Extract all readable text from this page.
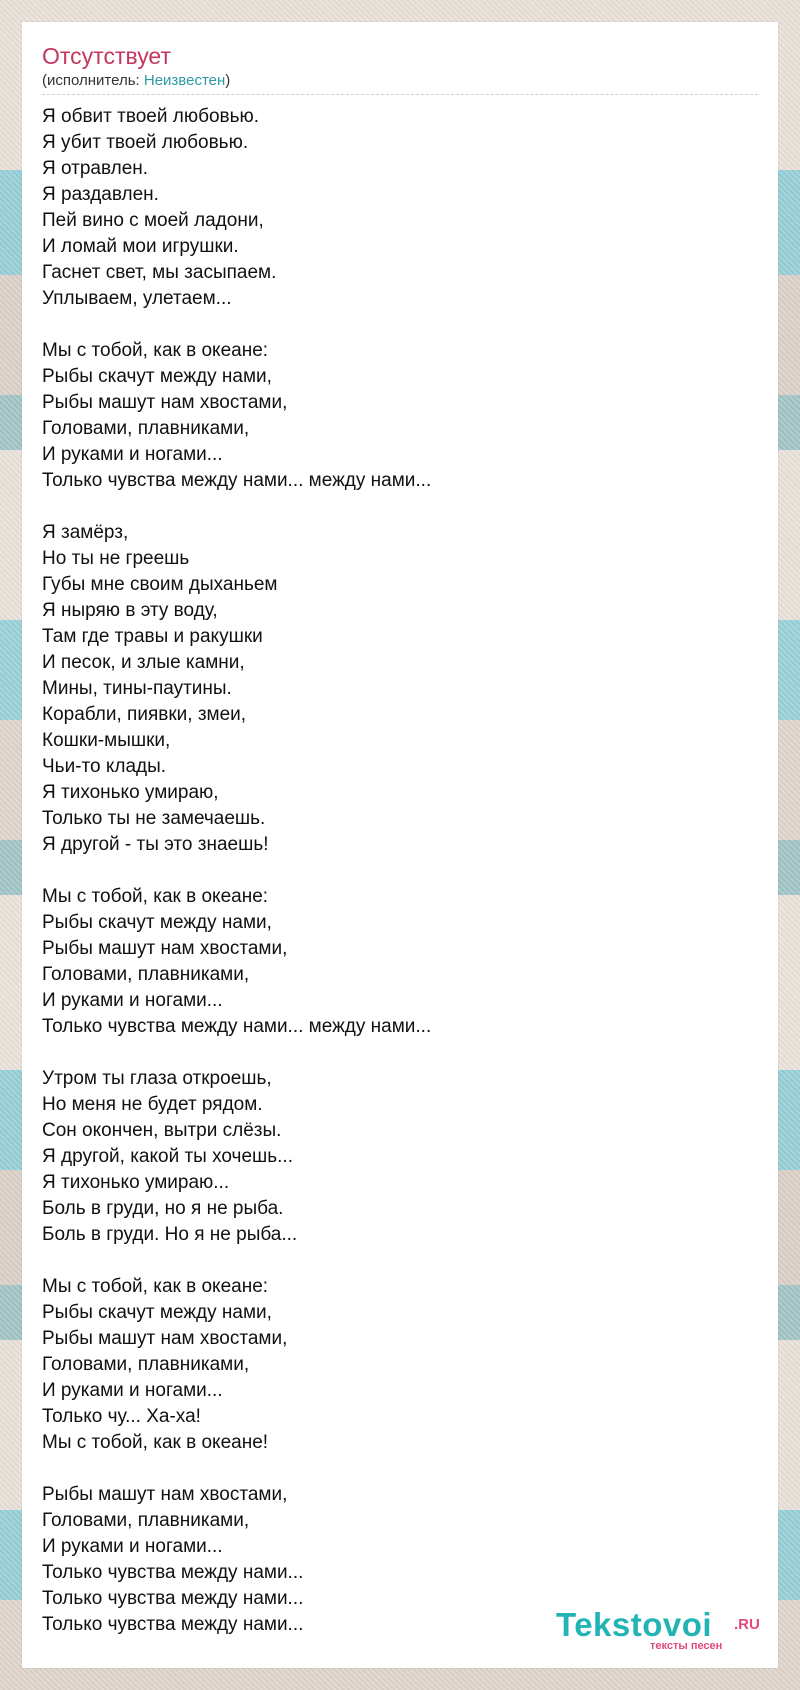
Отсутствует
(исполнитель: Неизвестен)
Я обвит твоей любовью.
Я убит твоей любовью.
Я отравлен.
Я раздавлен.
Пей вино с моей ладони,
И ломай мои игрушки.
Гаснет свет, мы засыпаем.
Уплываем, улетаем...
Мы с тобой, как в океане:
Рыбы скачут между нами,
Рыбы машут нам хвостами,
Головами, плавниками,
И руками и ногами...
Только чувства между нами... между нами...
Я замёрз,
Но ты не греешь
Губы мне своим дыханьем
Я ныряю в эту воду,
Там где травы и ракушки
И песок, и злые камни,
Мины, тины-паутины.
Корабли, пиявки, змеи,
Кошки-мышки,
Чьи-то клады.
Я тихонько умираю,
Только ты не замечаешь.
Я другой - ты это знаешь!
Мы с тобой, как в океане:
Рыбы скачут между нами,
Рыбы машут нам хвостами,
Головами, плавниками,
И руками и ногами...
Только чувства между нами... между нами...
Утром ты глаза откроешь,
Но меня не будет рядом.
Сон окончен, вытри слёзы.
Я другой, какой ты хочешь...
Я тихонько умираю...
Боль в груди, но я не рыба.
Боль в груди. Но я не рыба...
Мы с тобой, как в океане:
Рыбы скачут между нами,
Рыбы машут нам хвостами,
Головами, плавниками,
И руками и ногами...
Только чу... Ха-ха!
Мы с тобой, как в океане!
Рыбы машут нам хвостами,
Головами, плавниками,
И руками и ногами...
Только чувства между нами...
Только чувства между нами...
Только чувства между нами...	Tekstovoi .RU
тексты песен
